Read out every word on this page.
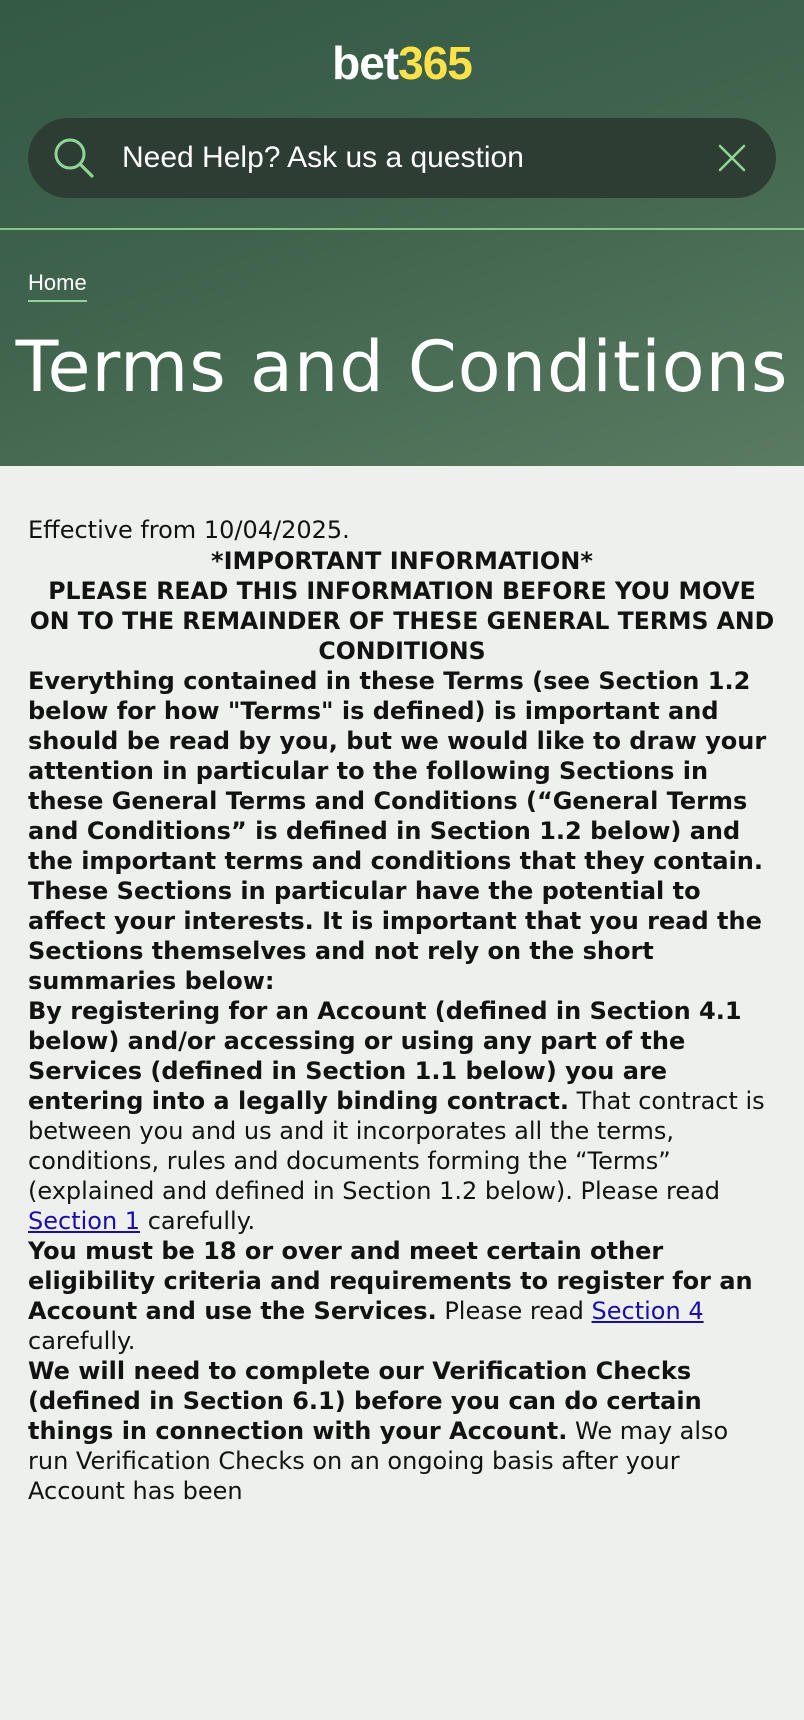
bet365
Need Help? Ask us a question
Home
Terms and Conditions

Effective from 10/04/2025.

*IMPORTANT INFORMATION*

PLEASE READ THIS INFORMATION BEFORE YOU MOVE ON TO THE REMAINDER OF THESE GENERAL TERMS AND CONDITIONS

Everything contained in these Terms (see Section 1.2 below for how "Terms" is defined) is important and should be read by you, but we would like to draw your attention in particular to the following Sections in these General Terms and Conditions (“General Terms and Conditions” is defined in Section 1.2 below) and the important terms and conditions that they contain. These Sections in particular have the potential to affect your interests. It is important that you read the Sections themselves and not rely on the short summaries below:

By registering for an Account (defined in Section 4.1 below) and/or accessing or using any part of the Services (defined in Section 1.1 below) you are entering into a legally binding contract. That contract is between you and us and it incorporates all the terms, conditions, rules and documents forming the “Terms” (explained and defined in Section 1.2 below). Please read Section 1 carefully.

You must be 18 or over and meet certain other eligibility criteria and requirements to register for an Account and use the Services. Please read Section 4 carefully.

We will need to complete our Verification Checks (defined in Section 6.1) before you can do certain things in connection with your Account. We may also run Verification Checks on an ongoing basis after your Account has been
